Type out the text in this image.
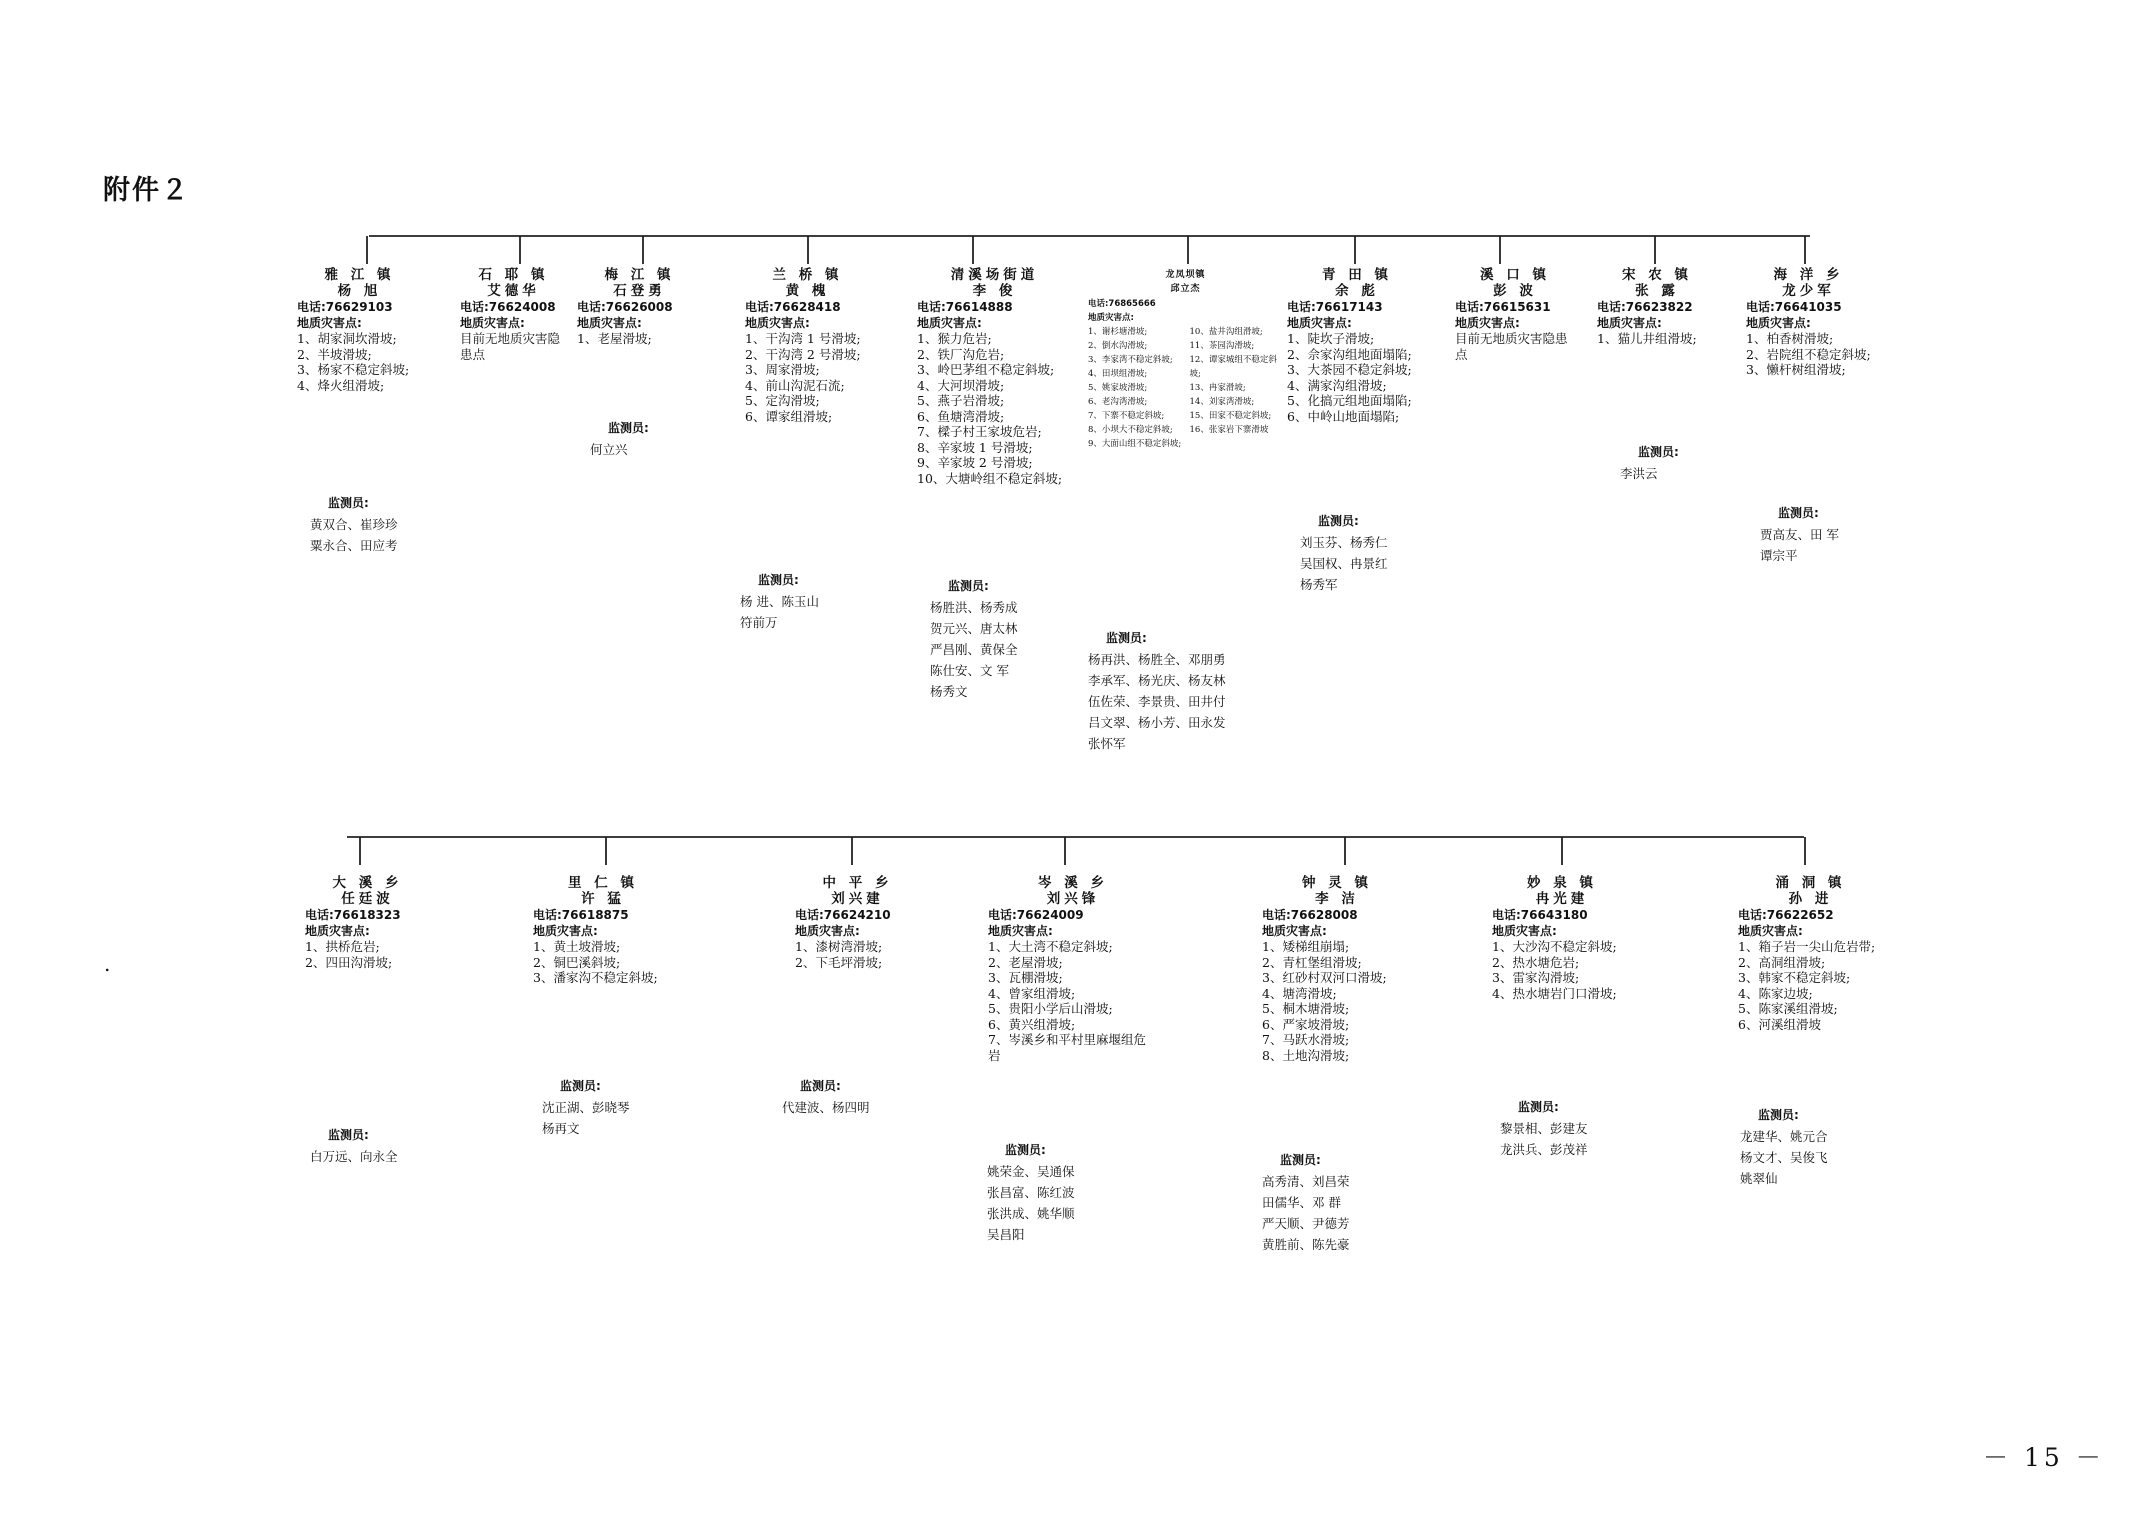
附件２
.
－ 15 －
雅 江 镇
杨 旭
电话:76629103
地质灾害点:
1、胡家洞坎滑坡;
2、半坡滑坡;
3、杨家不稳定斜坡;
4、烽火组滑坡;
监测员:
黄双合、崔珍珍
粟永合、田应考
石 耶 镇
艾德华
电话:76624008
地质灾害点:
目前无地质灾害隐患点
梅 江 镇
石登勇
电话:76626008
地质灾害点:
1、老屋滑坡;
监测员:
何立兴
兰 桥 镇
黄 槐
电话:76628418
地质灾害点:
1、干沟湾 1 号滑坡;
2、干沟湾 2 号滑坡;
3、周家滑坡;
4、前山沟泥石流;
5、定沟滑坡;
6、谭家组滑坡;
监测员:
杨 进、陈玉山
符前万
清溪场街道
李 俊
电话:76614888
地质灾害点:
1、猴力危岩;
2、铁厂沟危岩;
3、岭巴茅组不稳定斜坡;
4、大河坝滑坡;
5、燕子岩滑坡;
6、鱼塘湾滑坡;
7、樑子村王家坡危岩;
8、辛家坡 1 号滑坡;
9、辛家坡 2 号滑坡;
10、大塘岭组不稳定斜坡;
监测员:
杨胜洪、杨秀成
贺元兴、唐太林
严昌刚、黄保全
陈仕安、文 军
杨秀文
龙凤坝镇
邱立杰
电话:76865666
地质灾害点:
1、谢杉塘滑坡;
2、倒水沟滑坡;
3、李家湾不稳定斜坡;
4、田坝组滑坡;
5、姚家坡滑坡;
6、老沟湾滑坡;
7、下寨不稳定斜坡;
8、小坝大不稳定斜坡;
9、大面山组不稳定斜坡;
10、盐井沟组滑坡;
11、茶园沟滑坡;
12、谭家城组不稳定斜坡;
13、冉家滑坡;
14、刘家湾滑坡;
15、田家不稳定斜坡;
16、张家岩下寨滑坡
监测员:
杨再洪、杨胜全、邓朋勇
李承军、杨光庆、杨友林
伍佐荣、李景贵、田井付
吕文翠、杨小芳、田永发
张怀军
青 田 镇
余 彪
电话:76617143
地质灾害点:
1、陡坎子滑坡;
2、佘家沟组地面塌陷;
3、大茶园不稳定斜坡;
4、满家沟组滑坡;
5、化搞元组地面塌陷;
6、中岭山地面塌陷;
监测员:
刘玉芬、杨秀仁
吴国权、冉景红
杨秀军
溪 口 镇
彭 波
电话:76615631
地质灾害点:
目前无地质灾害隐患点
宋 农 镇
张 露
电话:76623822
地质灾害点:
1、猫儿井组滑坡;
监测员:
李洪云
海 洋 乡
龙少军
电话:76641035
地质灾害点:
1、柏香树滑坡;
2、岩院组不稳定斜坡;
3、懒杆树组滑坡;
监测员:
贾高友、田 军
谭宗平
大 溪 乡
任廷波
电话:76618323
地质灾害点:
1、拱桥危岩;
2、四田沟滑坡;
监测员:
白万远、向永全
里 仁 镇
许 猛
电话:76618875
地质灾害点:
1、黄土坡滑坡;
2、铜巴溪斜坡;
3、潘家沟不稳定斜坡;
监测员:
沈正湖、彭晓琴
杨再文
中 平 乡
刘兴建
电话:76624210
地质灾害点:
1、漆树湾滑坡;
2、下毛坪滑坡;
监测员:
代建波、杨四明
岑 溪 乡
刘兴锋
电话:76624009
地质灾害点:
1、大土湾不稳定斜坡;
2、老屋滑坡;
3、瓦棚滑坡;
4、曾家组滑坡;
5、贵阳小学后山滑坡;
6、黄兴组滑坡;
7、岑溪乡和平村里麻堰组危岩
监测员:
姚荣金、吴通保
张昌富、陈红波
张洪成、姚华顺
吴昌阳
钟 灵 镇
李 洁
电话:76628008
地质灾害点:
1、矮梯组崩塌;
2、青杠堡组滑坡;
3、红砂村双河口滑坡;
4、塘湾滑坡;
5、桐木塘滑坡;
6、严家坡滑坡;
7、马跃水滑坡;
8、土地沟滑坡;
监测员:
高秀清、刘昌荣
田儒华、邓 群
严天顺、尹德芳
黄胜前、陈先豪
妙 泉 镇
冉光建
电话:76643180
地质灾害点:
1、大沙沟不稳定斜坡;
2、热水塘危岩;
3、雷家沟滑坡;
4、热水塘岩门口滑坡;
监测员:
黎景相、彭建友
龙洪兵、彭茂祥
涌 洞 镇
孙 进
电话:76622652
地质灾害点:
1、箱子岩一尖山危岩带;
2、高洞组滑坡;
3、韩家不稳定斜坡;
4、陈家边坡;
5、陈家溪组滑坡;
6、河溪组滑坡
监测员:
龙建华、姚元合
杨文才、吴俊飞
姚翠仙
